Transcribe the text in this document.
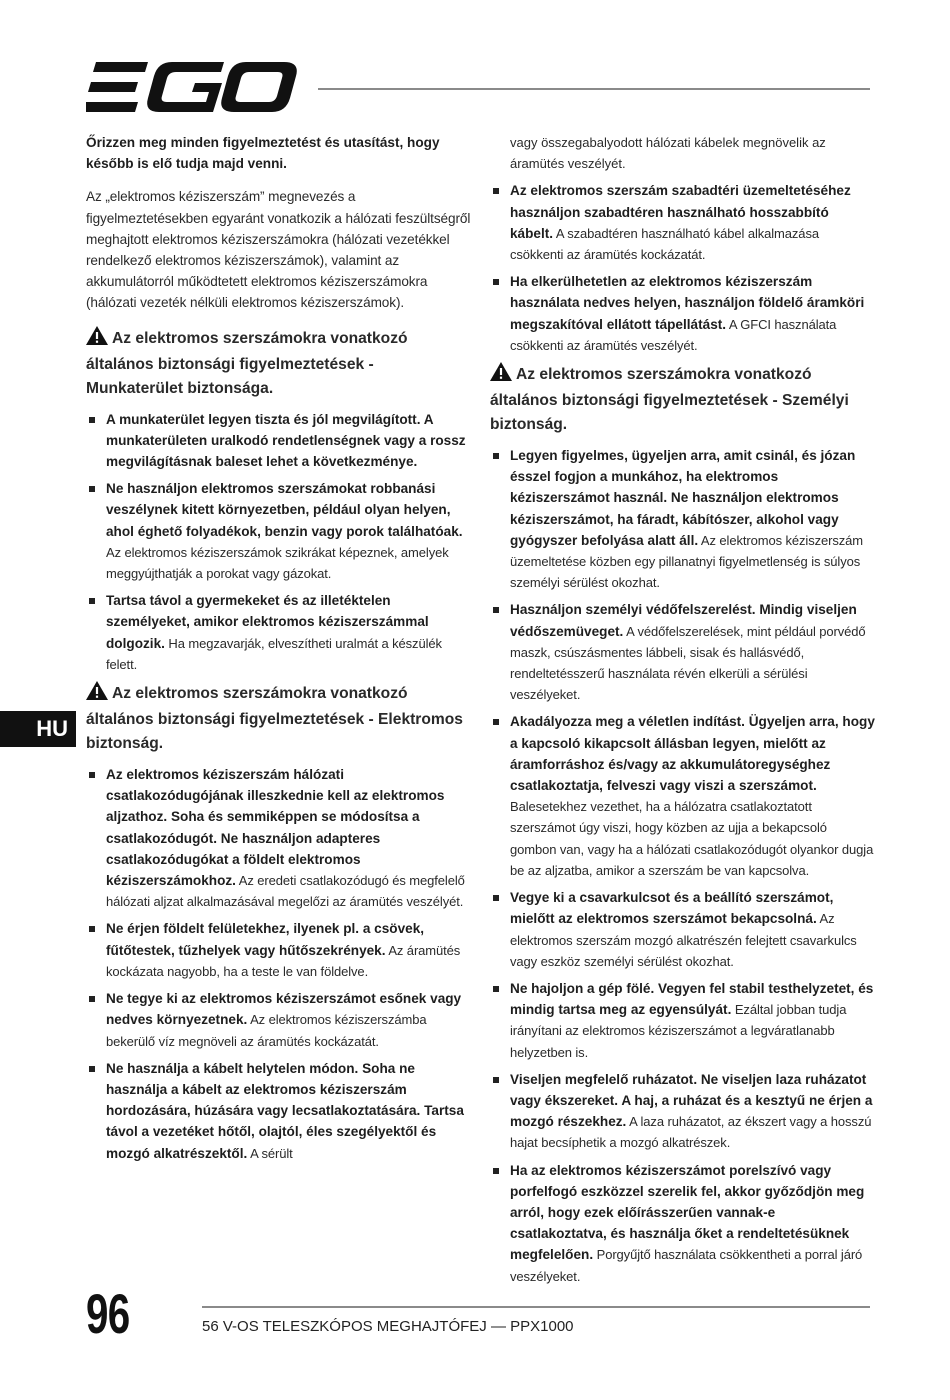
Őrizzen meg minden figyelmeztetést és utasítást, hogy később is elő tudja majd venni.

Az „elektromos kéziszerszám” megnevezés a figyelmeztetésekben egyaránt vonatkozik a hálózati feszültségről meghajtott elektromos kéziszerszámokra (hálózati vezetékkel rendelkező elektromos kéziszerszámok), valamint az akkumulátorról működtetett elektromos kéziszerszámokra (hálózati vezeték nélküli elektromos kéziszerszámok).

Az elektromos szerszámokra vonatkozó általános biztonsági figyelmeztetések - Munkaterület biztonsága.
A munkaterület legyen tiszta és jól megvilágított. A munkaterületen uralkodó rendetlenségnek vagy a rossz megvilágításnak baleset lehet a következménye.
Ne használjon elektromos szerszámokat robbanási veszélynek kitett környezetben, például olyan helyen, ahol éghető folyadékok, benzin vagy porok találhatóak. Az elektromos kéziszerszámok szikrákat képeznek, amelyek meggyújthatják a porokat vagy gázokat.
Tartsa távol a gyermekeket és az illetéktelen személyeket, amikor elektromos kéziszerszámmal dolgozik. Ha megzavarják, elveszítheti uralmát a készülék felett.
Az elektromos szerszámokra vonatkozó általános biztonsági figyelmeztetések - Elektromos biztonság.
Az elektromos kéziszerszám hálózati csatlakozódugójának illeszkednie kell az elektromos aljzathoz. Soha és semmiképpen se módosítsa a csatlakozódugót. Ne használjon adapteres csatlakozódugókat a földelt elektromos kéziszerszámokhoz. Az eredeti csatlakozódugó és megfelelő hálózati aljzat alkalmazásával megelőzi az áramütés veszélyét.
Ne érjen földelt felületekhez, ilyenek pl. a csövek, fűtőtestek, tűzhelyek vagy hűtőszekrények. Az áramütés kockázata nagyobb, ha a teste le van földelve.
Ne tegye ki az elektromos kéziszerszámot esőnek vagy nedves környezetnek. Az elektromos kéziszerszámba bekerülő víz megnöveli az áramütés kockázatát.
Ne használja a kábelt helytelen módon. Soha ne használja a kábelt az elektromos kéziszerszám hordozására, húzására vagy lecsatlakoztatására. Tartsa távol a vezetéket hőtől, olajtól, éles szegélyektől és mozgó alkatrészektől. A sérült
vagy összegabalyodott hálózati kábelek megnövelik az áramütés veszélyét.
Az elektromos szerszám szabadtéri üzemeltetéséhez használjon szabadtéren használható hosszabbító kábelt. A szabadtéren használható kábel alkalmazása csökkenti az áramütés kockázatát.
Ha elkerülhetetlen az elektromos kéziszerszám használata nedves helyen, használjon földelő áramköri megszakítóval ellátott tápellátást. A GFCI használata csökkenti az áramütés veszélyét.
Az elektromos szerszámokra vonatkozó általános biztonsági figyelmeztetések - Személyi biztonság.
Legyen figyelmes, ügyeljen arra, amit csinál, és józan ésszel fogjon a munkához, ha elektromos kéziszerszámot használ. Ne használjon elektromos kéziszerszámot, ha fáradt, kábítószer, alkohol vagy gyógyszer befolyása alatt áll. Az elektromos kéziszerszám üzemeltetése közben egy pillanatnyi figyelmetlenség is súlyos személyi sérülést okozhat.
Használjon személyi védőfelszerelést. Mindig viseljen védőszemüveget. A védőfelszerelések, mint például porvédő maszk, csúszásmentes lábbeli, sisak és hallásvédő, rendeltetésszerű használata révén elkerüli a sérülési veszélyeket.
Akadályozza meg a véletlen indítást. Ügyeljen arra, hogy a kapcsoló kikapcsolt állásban legyen, mielőtt az áramforráshoz és/vagy az akkumulátoregységhez csatlakoztatja, felveszi vagy viszi a szerszámot. Balesetekhez vezethet, ha a hálózatra csatlakoztatott szerszámot úgy viszi, hogy közben az ujja a bekapcsoló gombon van, vagy ha a hálózati csatlakozódugót olyankor dugja be az aljzatba, amikor a szerszám be van kapcsolva.
Vegye ki a csavarkulcsot és a beállító szerszámot, mielőtt az elektromos szerszámot bekapcsolná. Az elektromos szerszám mozgó alkatrészén felejtett csavarkulcs vagy eszköz személyi sérülést okozhat.
Ne hajoljon a gép fölé. Vegyen fel stabil testhelyzetet, és mindig tartsa meg az egyensúlyát. Ezáltal jobban tudja irányítani az elektromos kéziszerszámot a legváratlanabb helyzetben is.
Viseljen megfelelő ruházatot. Ne viseljen laza ruházatot vagy ékszereket. A haj, a ruházat és a kesztyű ne érjen a mozgó részekhez. A laza ruházatot, az ékszert vagy a hosszú hajat becsíphetik a mozgó alkatrészek.
Ha az elektromos kéziszerszámot porelszívó vagy porfelfogó eszközzel szerelik fel, akkor győződjön meg arról, hogy ezek előírásszerűen vannak-e csatlakoztatva, és használja őket a rendeltetésüknek megfelelően. Porgyűjtő használata csökkentheti a porral járó veszélyeket.
HU
96	56 V-OS TELESZKÓPOS MEGHAJTÓFEJ — PPX1000
